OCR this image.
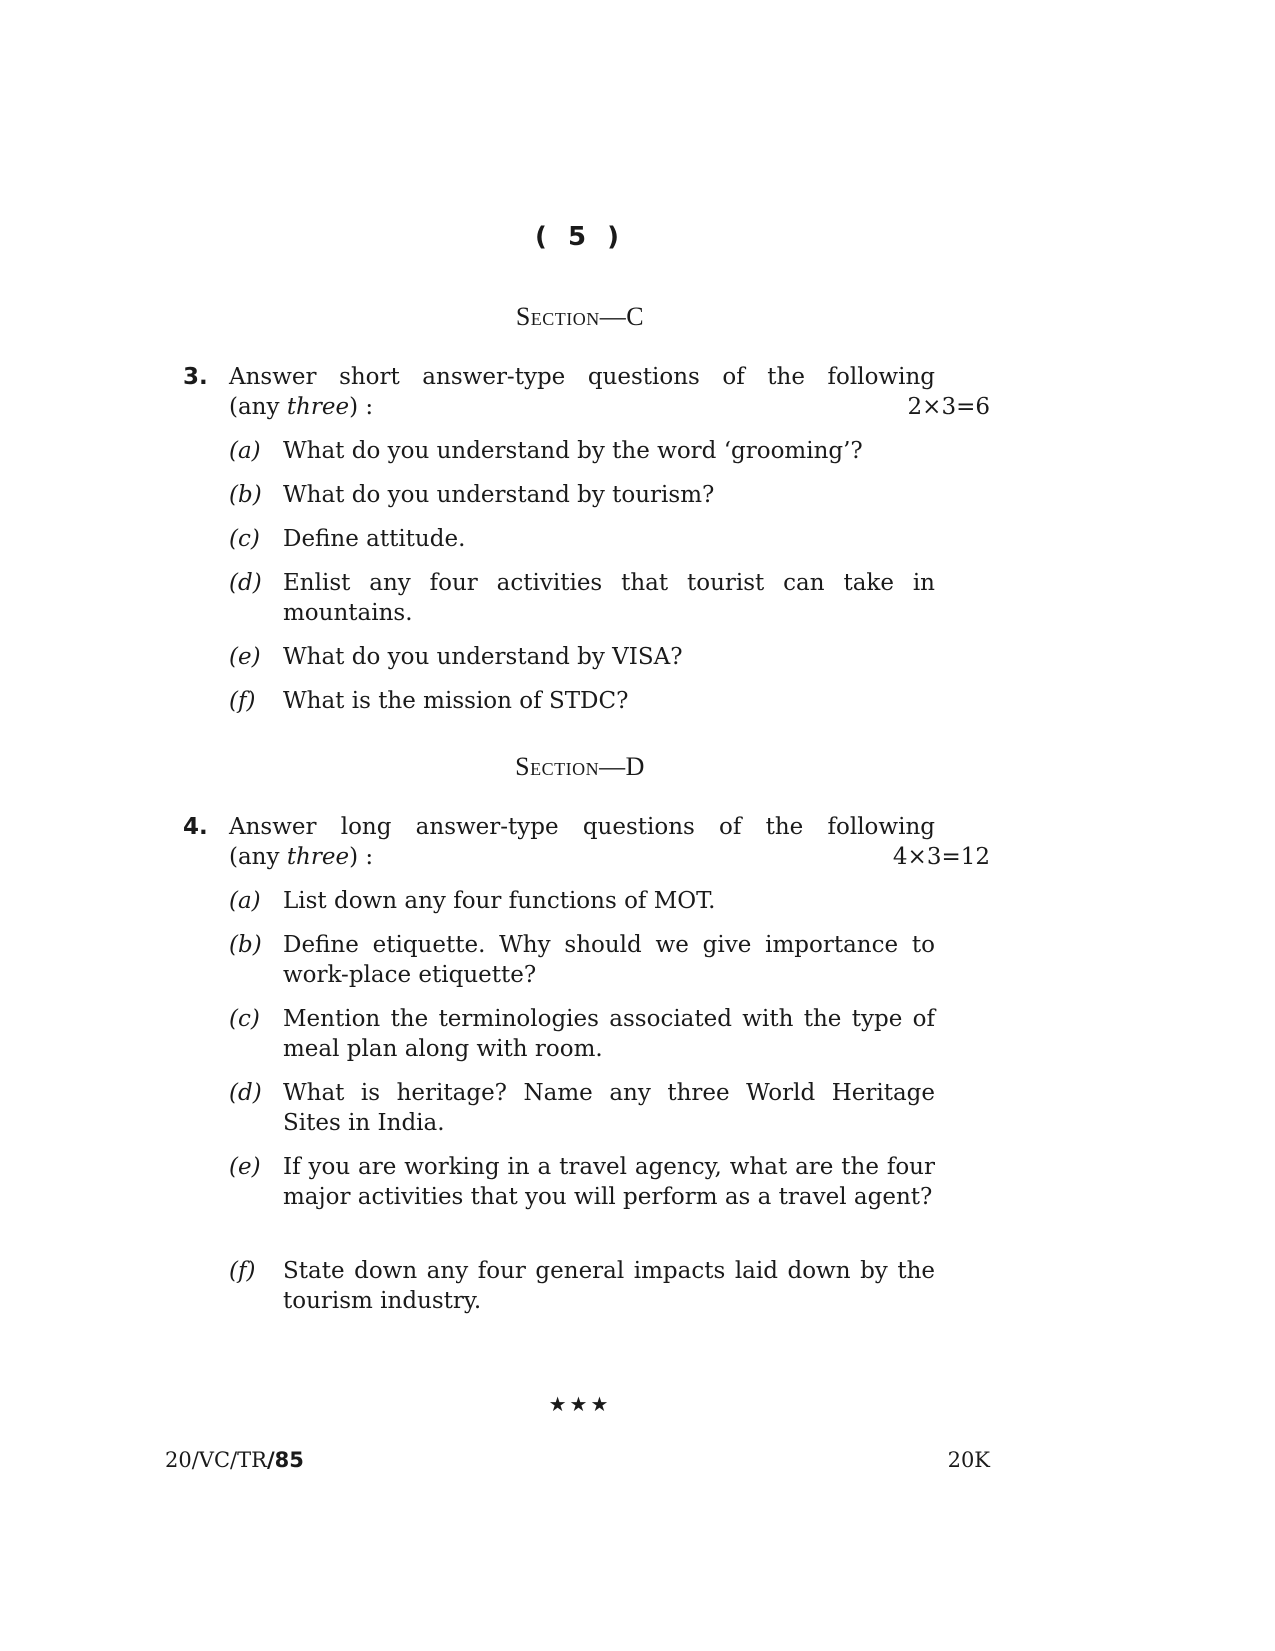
( 5 )
Section—C
3. Answer short answer-type questions of the following
(any three) :	2×3=6
(a) What do you understand by the word ‘grooming’?
(b) What do you understand by tourism?
(c) Define attitude.
(d) Enlist any four activities that tourist can take in mountains.
(e) What do you understand by VISA?
(f) What is the mission of STDC?
Section—D
4. Answer long answer-type questions of the following
(any three) :	4×3=12
(a) List down any four functions of MOT.
(b) Define etiquette. Why should we give importance to work-place etiquette?
(c) Mention the terminologies associated with the type of meal plan along with room.
(d) What is heritage? Name any three World Heritage Sites in India.
(e) If you are working in a travel agency, what are the four major activities that you will perform as a travel agent?
(f) State down any four general impacts laid down by the tourism industry.
★★★
20/VC/TR/85	20K
